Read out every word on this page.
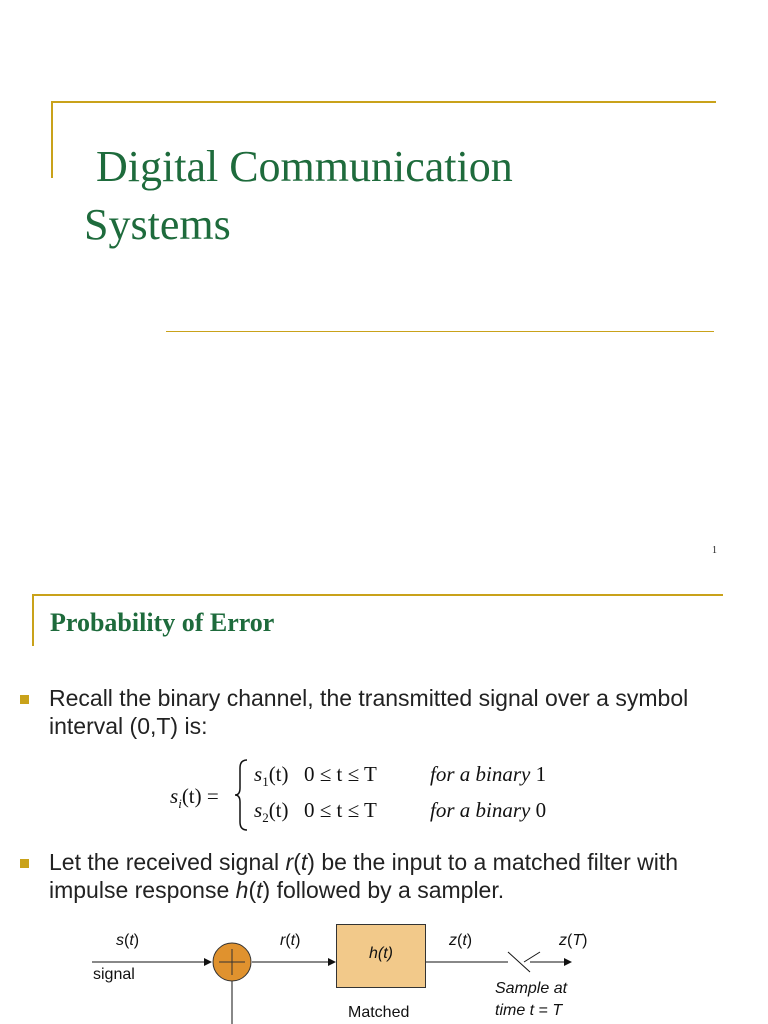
Digital Communication
Systems
1
Probability of Error
Recall the binary channel, the transmitted signal over a symbol interval (0,T) is:
$s_i(t)$ =
$s_1(t) 0 \le t \le T$	for a binary 1
$s_2(t) 0 \le t \le T$	for a binary 0
Let the received signal r(t) be the input to a matched filter with impulse response h(t) followed by a sampler.
s(t)
signal
r(t)
h(t)
z(t)	z(T)
Sample at
time t = T
Matched
